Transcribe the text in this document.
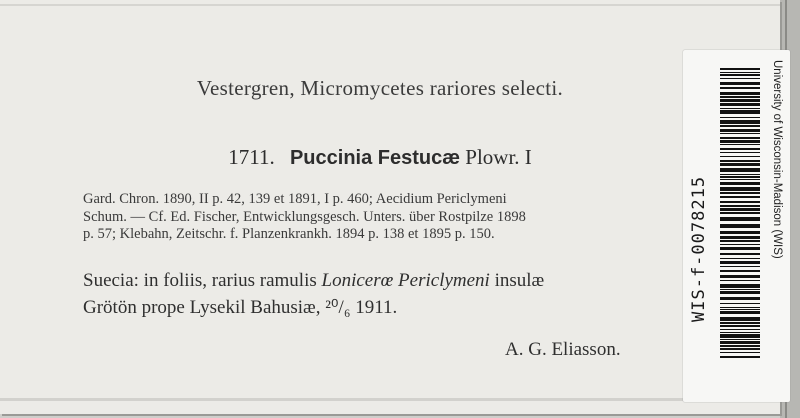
Vestergren, Micromycetes rariores selecti.
1711. Puccinia Festucæ Plowr. I
Gard. Chron. 1890, II p. 42, 139 et 1891, I p. 460; Aecidium Periclymeni
Schum. — Cf. Ed. Fischer, Entwicklungsgesch. Unters. über Rostpilze 1898
p. 57; Klebahn, Zeitschr. f. Planzenkrankh. 1894 p. 138 et 1895 p. 150.
Suecia: in foliis, rarius ramulis Lonicerœ Periclymeni insulæ
Grötön prope Lysekil Bahusiæ, ²⁰/₆ 1911.
A. G. Eliasson.
WIS-f-0078215	University of Wisconsin-Madison (WIS)
